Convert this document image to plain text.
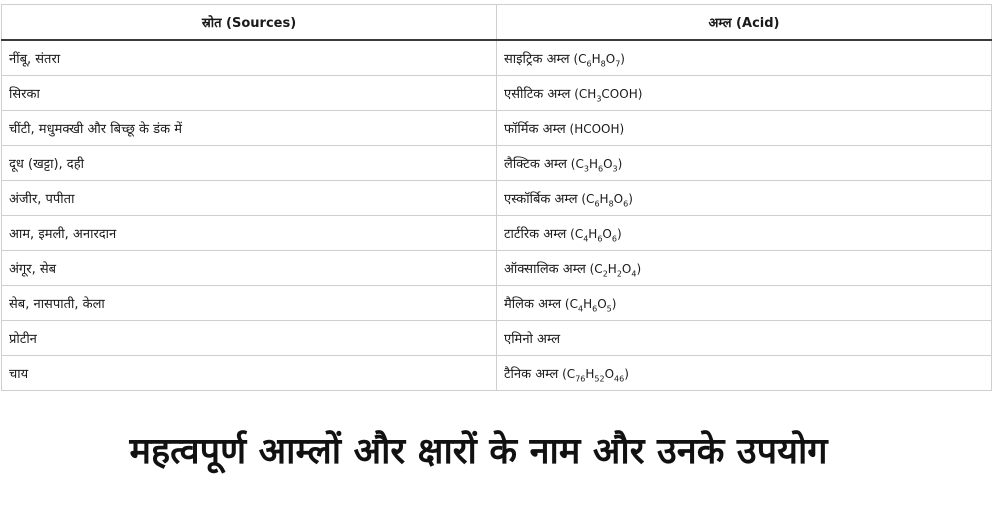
स्रोत (Sources)	अम्ल (Acid)
नींबू, संतरा	साइट्रिक अम्ल $(C_6H_8O_7)$
सिरका	एसीटिक अम्ल $(CH_3COOH)$
चींटी, मधुमक्खी और बिच्छू के डंक में	फॉर्मिक अम्ल (HCOOH)
दूध (खट्टा), दही	लैक्टिक अम्ल $(C_3H_6O_3)$
अंजीर, पपीता	एस्कॉर्बिक अम्ल $(C_6H_8O_6)$
आम, इमली, अनारदान	टार्टरिक अम्ल $(C_4H_6O_6)$
अंगूर, सेब	ऑक्सालिक अम्ल $(C_2H_2O_4)$
सेब, नासपाती, केला	मैलिक अम्ल $(C_4H_6O_5)$
प्रोटीन	एमिनो अम्ल
चाय	टैनिक अम्ल $(C_{76}H_{52}O_{46})$
महत्वपूर्ण आम्लों और क्षारों के नाम और उनके उपयोग
